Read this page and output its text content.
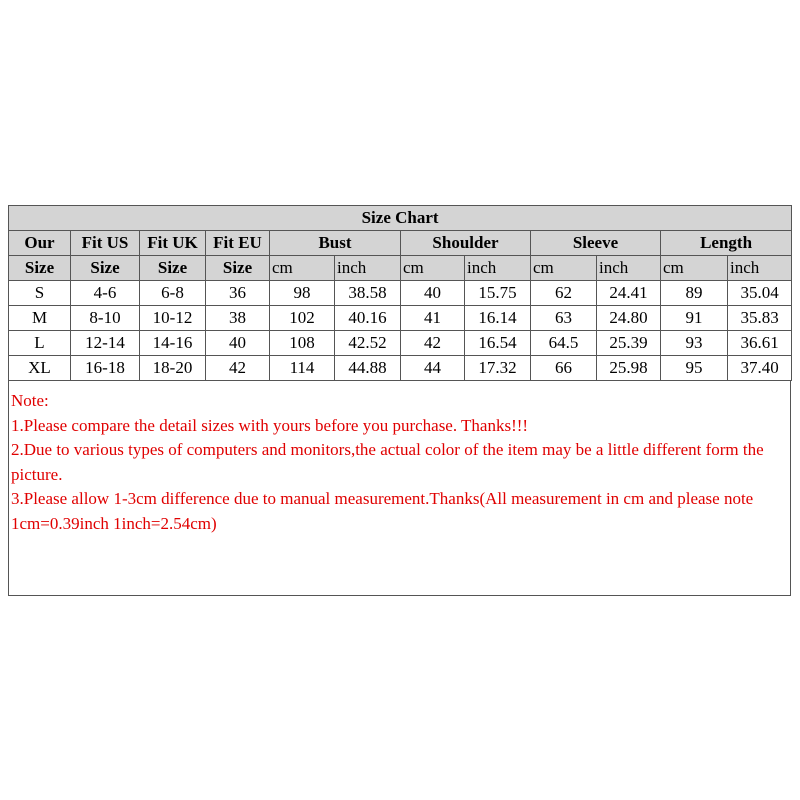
Size Chart											
Our	Fit US	Fit UK	Fit EU	Bust		Shoulder		Sleeve		Length	
Size	Size	Size	Size	cm	inch	cm	inch	cm	inch	cm	inch
S	4-6	6-8	36	98	38.58	40	15.75	62	24.41	89	35.04
M	8-10	10-12	38	102	40.16	41	16.14	63	24.80	91	35.83
L	12-14	14-16	40	108	42.52	42	16.54	64.5	25.39	93	36.61
XL	16-18	18-20	42	114	44.88	44	17.32	66	25.98	95	37.40
Note:
1.Please compare the detail sizes with yours before you purchase. Thanks!!!
2.Due to various types of computers and monitors,the actual color of the item may be a little different form the picture.
3.Please allow 1-3cm difference due to manual measurement.Thanks(All measurement in cm and please note 1cm=0.39inch 1inch=2.54cm)
